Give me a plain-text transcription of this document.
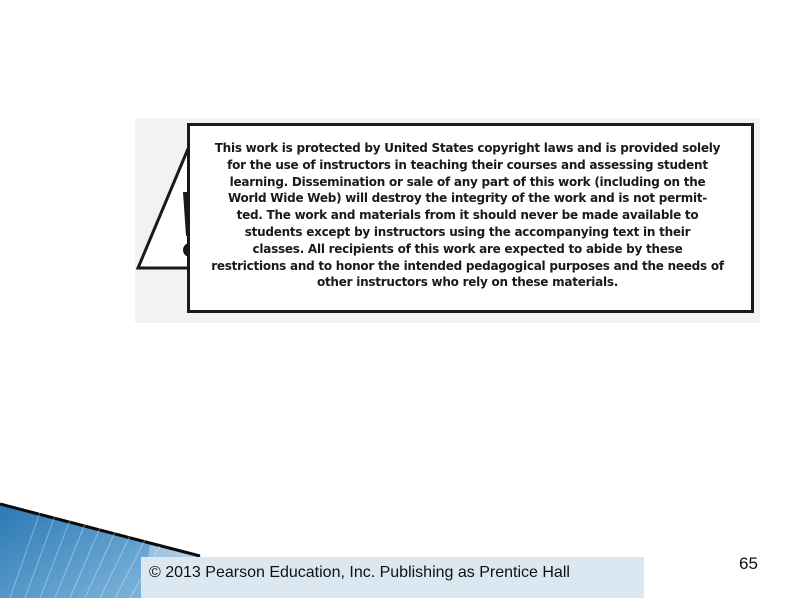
This work is protected by United States copyright laws and is provided solely
for the use of instructors in teaching their courses and assessing student
learning. Dissemination or sale of any part of this work (including on the
World Wide Web) will destroy the integrity of the work and is not permit-
ted. The work and materials from it should never be made available to
students except by instructors using the accompanying text in their
classes. All recipients of this work are expected to abide by these
restrictions and to honor the intended pedagogical purposes and the needs of
other instructors who rely on these materials.
© 2013 Pearson Education, Inc. Publishing as Prentice Hall	65
